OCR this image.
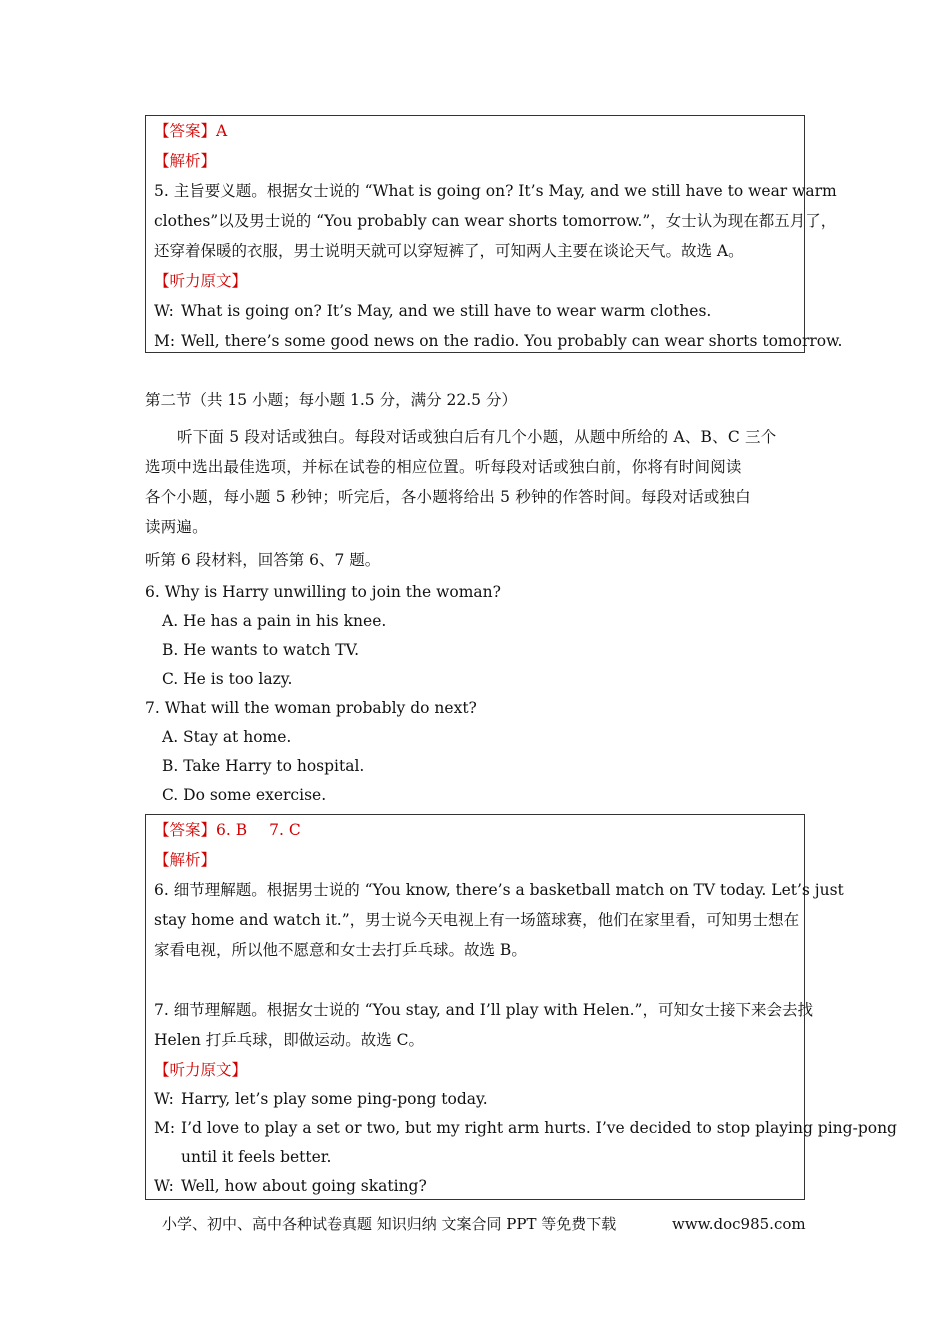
【答案】A
【解析】
5. 主旨要义题。根据女士说的 “What is going on? It’s May, and we still have to wear warm
clothes”以及男士说的 “You probably can wear shorts tomorrow.”，女士认为现在都五月了，
还穿着保暖的衣服，男士说明天就可以穿短裤了，可知两人主要在谈论天气。故选 A。
【听力原文】
W: What is going on? It’s May, and we still have to wear warm clothes.
M: Well, there’s some good news on the radio. You probably can wear shorts tomorrow.
第二节（共 15 小题；每小题 1.5 分，满分 22.5 分）
听下面 5 段对话或独白。每段对话或独白后有几个小题，从题中所给的 A、B、C 三个
选项中选出最佳选项，并标在试卷的相应位置。听每段对话或独白前，你将有时间阅读
各个小题，每小题 5 秒钟；听完后，各小题将给出 5 秒钟的作答时间。每段对话或独白
读两遍。
听第 6 段材料，回答第 6、7 题。
6. Why is Harry unwilling to join the woman?
A. He has a pain in his knee.
B. He wants to watch TV.
C. He is too lazy.
7. What will the woman probably do next?
A. Stay at home.
B. Take Harry to hospital.
C. Do some exercise.
【答案】6. B 7. C
【解析】
6. 细节理解题。根据男士说的 “You know, there’s a basketball match on TV today. Let’s just
stay home and watch it.”，男士说今天电视上有一场篮球赛，他们在家里看，可知男士想在
家看电视，所以他不愿意和女士去打乒乓球。故选 B。
7. 细节理解题。根据女士说的 “You stay, and I’ll play with Helen.”，可知女士接下来会去找
Helen 打乒乓球，即做运动。故选 C。
【听力原文】
W: Harry, let’s play some ping-pong today.
M: I’d love to play a set or two, but my right arm hurts. I’ve decided to stop playing ping-pong
until it feels better.
W: Well, how about going skating?
小学、初中、高中各种试卷真题 知识归纳 文案合同 PPT 等免费下载	www.doc985.com
